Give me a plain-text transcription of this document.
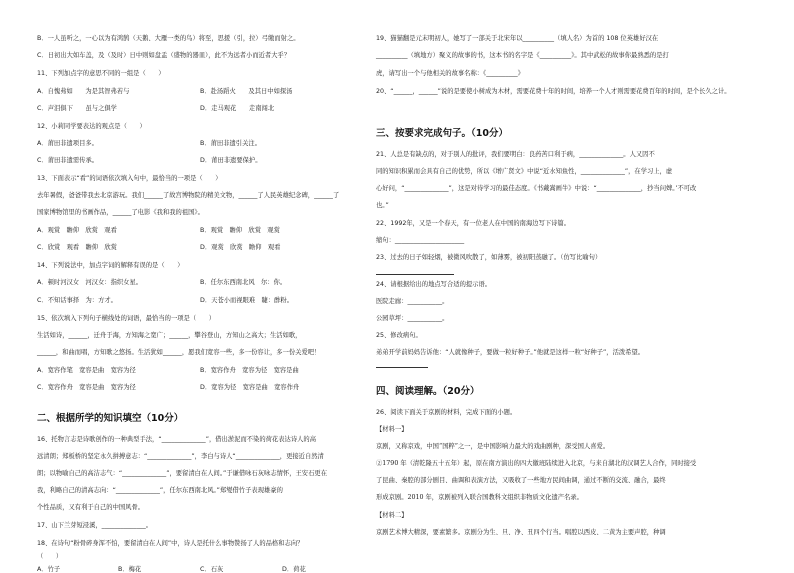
B．一人虽听之，一心以为有鸿鹄（天鹅、大雁一类的鸟）将至，思援（引，拉）弓缴而射之。
C．日初出大如车盖，及（及时）日中则如盘盂（盛物的器皿），此不为远者小而近者大乎？
11、下列加点字的意思不同的一组是（　　）
A．自愧弗如　　为是其智弗若与	B．赴汤蹈火　　及其日中如探汤
C．声泪俱下　　虽与之俱学	D．走马观花　　走南闯北
12、小莉同学要表达的观点是（　　）
A．莆田非遗项目多。	B．莆田非遗引关注。
C．莆田非遗需传承。	D．莆田非遗要保护。
13、下面表示“看”的词语依次填入句中，最恰当的一项是（　　）
去年暑假，爸爸带我去北京游玩。我们______了故宫博物院的精美文物，______了人民英雄纪念碑，______了
国家博物馆里的书画作品，______了电影《我和我的祖国》。
A．观赏　瞻仰　欣赏　观看	B．观赏　瞻仰　欣赏　观赏
C．欣赏　观看　瞻仰　欣赏	D．观赏　欣赏　瞻仰　观看
14、下列说法中，加点字词的解释有误的是（　　）
A．顿时河汉女　河汉女：指织女星。	B．任尔东西南北风　尔：你。
C．不知话事择　为：方才。	D．天苍小而视眼难　睫：酢粉。
15、依次填入下列句子横线处的词语，最恰当的一项是（　　）
生活如诗，______，迁舟于海，方知海之宽广；______，攀谷登山，方知山之高大；生活如歌，
______，和曲而唱，方知歌之悠扬。生活犹如______，愿我们宽容一些，多一份容让，多一份关爱吧！
A．宽容作笔　宽容是曲　宽容为径	B．宽容作舟　宽容为径　宽容是曲
C．宽容作舟　宽容是曲　宽容为径	D．宽容为径　宽容是曲　宽容作舟
二、根据所学的知识填空（10分）
16、托物言志是诗歌创作的一种典型手法，“______________”，借出淤泥而不染的荷花表达诗人的高
远清朗；郑板桥的坚定永久拼搏意志：“______________”，李白与诗人“______________，更接近自然清
朗；以物喻自己的高洁志气：“______________”，要留清白在人间。”于谦借咏石灰咏志情怀，王安石更在
我，利略自己的清高志向：“______________”，任尔东西南北风。”郑燮借竹子表现雄豪的
个性品质，又有利于自己的中国风骨。
17、山下兰芽短浸溪，______________。
18、在诗句“粉骨碎身浑不怕，要留清白在人间”中，诗人是托什么事物赞扬了人的品格和志向？
（　　）
A．竹子	B．梅花	C．石灰	D．荷花
19、猫猫翻是元末明初人，她写了一部关于北宋年以__________（填人名）为首的 108 位英雄好汉在
__________（填地方）聚义的故事的书，这本书的名字是《__________》。其中武松的故事你最熟悉的是打
虎，请写出一个与他相关的故事名称：《__________》
20、“______，______”说的是要使小树成为木材，需要花费十年的时间，培养一个人才则需要花费百年的时间，是个长久之计。
三、按要求完成句子。（10分）
21、人总是有缺点的，对于别人的批评，我们要明白：良药苦口利于病，______________。人又因不
同的知识积累而会具有自己的优势，所以《增广贤文》中说“近水知鱼性，______________”，在学习上，虚
心好问，“______________”，这是对待学习的最佳态度。《书戴嵩画牛》中说：“______________，抄当问婢。’不可改
也。”
22、1992年，又是一个春天，有一位老人在中国的南海边写下诗篇。
缩句：______________________
23、过去的日子如轻烟，被微风吹散了，如薄雾，被初阳蒸融了。（仿写比喻句）
24、请根据给出的地点写合适的提示语。
医院走廊：___________。
公园草坪：___________。
25、修改病句。
弟弟开学前妈妈告诉他：“人就像种子，要做一粒好种子。”他就是这样一粒“好种子”，活泼希望。
四、阅读理解。（20分）
26、阅读下面关于京剧的材料，完成下面的小题。
【材料一】
京剧，又称京戏，中国“国粹”之一，是中国影响力最大的戏曲剧种，深受国人喜爱。
②1790 年（清乾隆五十五年）起，原在南方演出的四大徽班陆续进入北京，与来自湖北的汉调艺人合作，同时接受
了昆曲、秦腔的部分剧目、曲调和表演方法，又吸收了一些地方民间曲调，通过不断的交流、融合，最终
形成京剧。2010 年，京剧被列入联合国教科文组织非物质文化遗产名录。
【材料二】
京剧艺术博大精深，要素繁多。京剧分为生、旦、净、丑四个行当。唱腔以西皮、二黄为主要声腔，种调
